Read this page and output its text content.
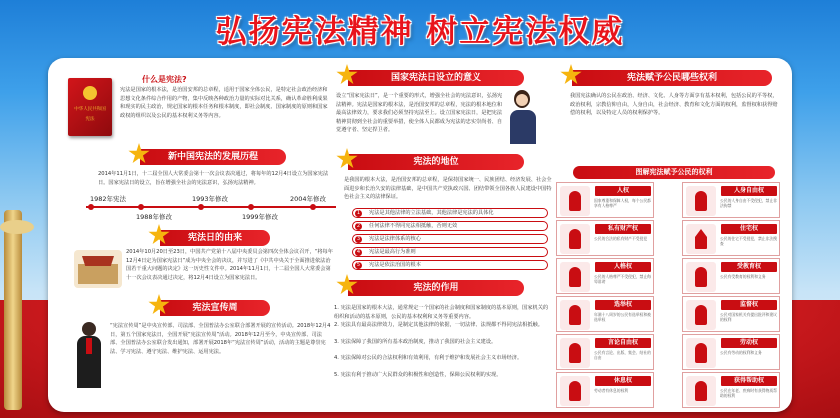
弘扬宪法精神 树立宪法权威
中华人民共和国
宪法
什么是宪法?
宪法是国家的根本法，是治国安邦的总章程，适用于国家全体公民，是特定社会政治经济和思想文化条件综合作用的产物，集中反映各种政治力量的实际对比关系，确认革命胜利成果和现实的民主政治，规定国家的根本任务和根本制度，即社会制度、国家制度的原则和国家政权的组织以及公民的基本权利义务等内容。
新中国宪法的发展历程
2014年11月1日，十二届全国人大常委会第十一次会议表决通过，将每年的12月4日设立为国家宪法日。国家宪法日的设立，旨在增强全社会的宪法意识，弘扬宪法精神。
1982年宪法
1988年修改
1993年修改
1999年修改
2004年修改
宪法日的由来
2014年10月20日至23日，中国共产党第十八届中央委员会第四次全体会议召开，“将每年12月4日定为国家宪法日”成为中央全会的决议，并写进了《中共中央关于全面推进依法治国若干重大问题的决定》这一历史性文件中。2014年11月1日，十二届全国人大常委会第十一次会议表决通过决定，将12月4日设立为国家宪法日。
宪法宣传周
“宪法宣传周”是中央宣传部、司法部、全国普法办公室联合部署开展的宣传活动。2018年12月4日，第五个国家宪法日，全国开展“宪法宣传周”活动。2018年12月至今，中央宣传部、司法部、全国普法办公室联合发出通知，部署开展2018年“宪法宣传周”活动，活动的主题是尊崇宪法、学习宪法、遵守宪法、维护宪法、运用宪法。
国家宪法日设立的意义
设立“国家宪法日”，是一个重要的形式，增强全社会的宪法意识，弘扬宪法精神。宪法是国家的根本法，是治国安邦的总章程，宪法的根本地位和最高法律效力，要求我们必须坚持宪法至上。设立国家宪法日，是把宪法精神贯彻到全社会的重要举措，使全体人民都成为宪法的忠实崇尚者、自觉遵守者、坚定捍卫者。
宪法的地位
是我国的根本大法，是治国安邦的总章程，是保持国家统一、民族团结、经济发展、社会全面进步和长治久安的法律基础，是中国共产党执政兴国、团结带领全国各族人民建设中国特色社会主义的法律保证。
1	宪法是其他法律的立法基础，其他法律是宪法的具体化
2	任何法律不得同宪法相抵触，否则无效
3	宪法是法律体系的核心
4	宪法是最高行为准则
5	宪法是依法治国的根本
宪法的作用
1. 宪法是国家的根本大法，通常规定一个国家的社会制度和国家制度的基本原则，国家机关的组织和活动的基本原则，公民的基本权利和义务等重要内容。
2. 宪法具有最高法律效力，是制定其他法律的依据，一切法律、法规都不得同宪法相抵触。
3. 宪法保障了我国的所有基本政治制度，推动了我国的社会主义建设。
4. 宪法保障对公民的合法权利和有效利用，有利于维护和发展社会主义市场经济。
5. 宪法有利于推动广大民群众的积极性和创造性，保障公民权利的实现。
宪法赋予公民哪些权利
我国宪法确认的公民在政治、经济、文化、人身等方面享有基本权利，包括公民的平等权，政治权利，宗教信仰自由，人身自由，社会经济、教育和文化方面的权利，监督权和获得赔偿的权利，以及特定人员的权利保护等。
图解宪法赋予公民的权利
人权
国家尊重和保障人权，每个公民都享有人格尊严
人身自由权
公民的人身自由不受侵犯，禁止非法拘禁
私有财产权
公民的合法的私有财产不受侵犯
住宅权
公民的住宅不受侵犯，禁止非法搜查
人格权
公民的人格尊严不受侵犯，禁止侮辱诽谤
受教育权
公民有受教育的权利和义务
选举权
年满十八周岁的公民有选举权和被选举权
监督权
公民对国家机关有提出批评和建议的权利
言论自由权
公民有言论、出版、集会、结社的自由
劳动权
公民有劳动的权利和义务
休息权
劳动者有休息的权利
获得帮助权
公民在年老、疾病时有获得物质帮助的权利
